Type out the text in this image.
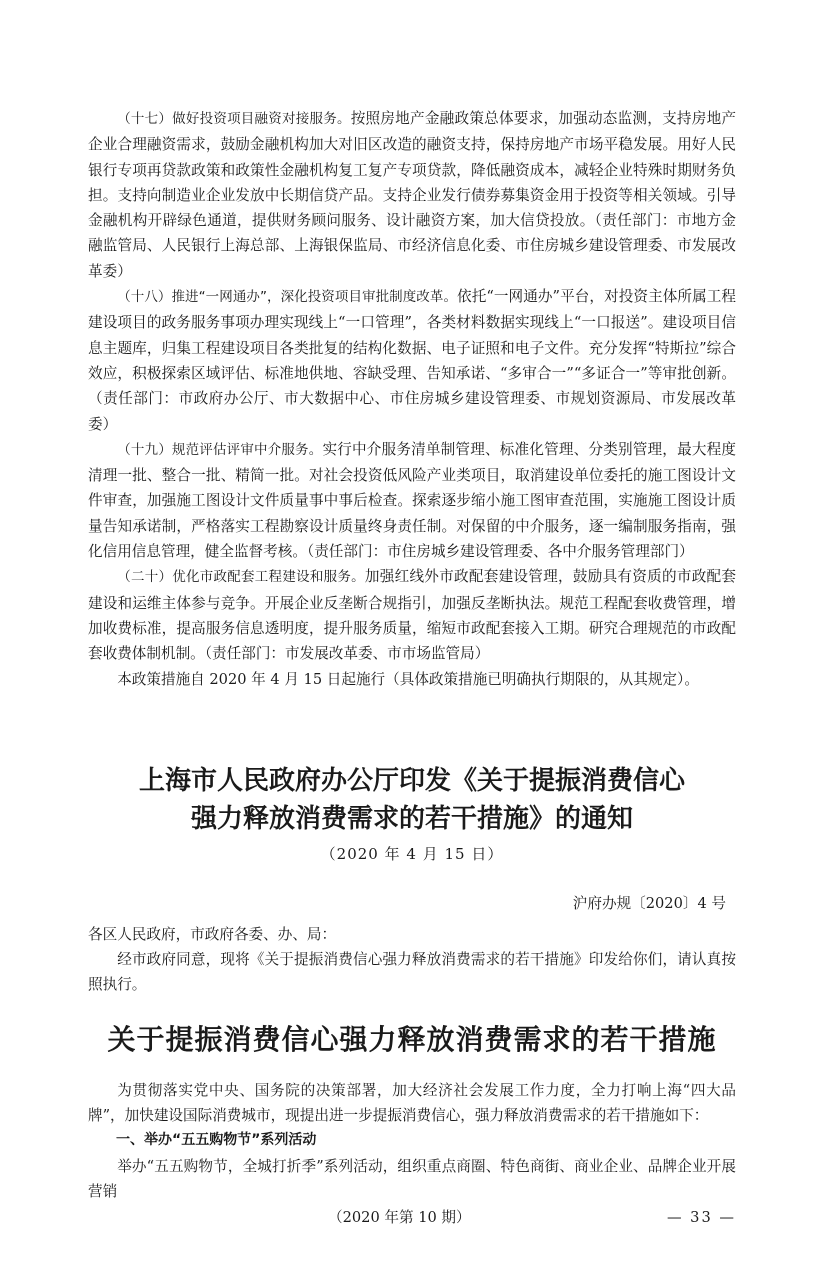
（十七）做好投资项目融资对接服务。按照房地产金融政策总体要求，加强动态监测，支持房地产企业合理融资需求，鼓励金融机构加大对旧区改造的融资支持，保持房地产市场平稳发展。用好人民银行专项再贷款政策和政策性金融机构复工复产专项贷款，降低融资成本，减轻企业特殊时期财务负担。支持向制造业企业发放中长期信贷产品。支持企业发行债券募集资金用于投资等相关领域。引导金融机构开辟绿色通道，提供财务顾问服务、设计融资方案，加大信贷投放。（责任部门：市地方金融监管局、人民银行上海总部、上海银保监局、市经济信息化委、市住房城乡建设管理委、市发展改革委）

（十八）推进“一网通办”，深化投资项目审批制度改革。依托“一网通办”平台，对投资主体所属工程建设项目的政务服务事项办理实现线上“一口管理”，各类材料数据实现线上“一口报送”。建设项目信息主题库，归集工程建设项目各类批复的结构化数据、电子证照和电子文件。充分发挥“特斯拉”综合效应，积极探索区域评估、标准地供地、容缺受理、告知承诺、“多审合一”“多证合一”等审批创新。（责任部门：市政府办公厅、市大数据中心、市住房城乡建设管理委、市规划资源局、市发展改革委）

（十九）规范评估评审中介服务。实行中介服务清单制管理、标准化管理、分类别管理，最大程度清理一批、整合一批、精简一批。对社会投资低风险产业类项目，取消建设单位委托的施工图设计文件审查，加强施工图设计文件质量事中事后检查。探索逐步缩小施工图审查范围，实施施工图设计质量告知承诺制，严格落实工程勘察设计质量终身责任制。对保留的中介服务，逐一编制服务指南，强化信用信息管理，健全监督考核。（责任部门：市住房城乡建设管理委、各中介服务管理部门）

（二十）优化市政配套工程建设和服务。加强红线外市政配套建设管理，鼓励具有资质的市政配套建设和运维主体参与竞争。开展企业反垄断合规指引，加强反垄断执法。规范工程配套收费管理，增加收费标准，提高服务信息透明度，提升服务质量，缩短市政配套接入工期。研究合理规范的市政配套收费体制机制。（责任部门：市发展改革委、市市场监管局）

本政策措施自 2020 年 4 月 15 日起施行（具体政策措施已明确执行期限的，从其规定）。

上海市人民政府办公厅印发《关于提振消费信心
强力释放消费需求的若干措施》的通知
（2020 年 4 月 15 日）
沪府办规〔2020〕4 号

各区人民政府，市政府各委、办、局：

经市政府同意，现将《关于提振消费信心强力释放消费需求的若干措施》印发给你们，请认真按照执行。

关于提振消费信心强力释放消费需求的若干措施

为贯彻落实党中央、国务院的决策部署，加大经济社会发展工作力度，全力打响上海“四大品牌”，加快建设国际消费城市，现提出进一步提振消费信心，强力释放消费需求的若干措施如下：

一、举办“五五购物节”系列活动

举办“五五购物节，全城打折季”系列活动，组织重点商圈、特色商街、商业企业、品牌企业开展营销

（2020 年第 10 期）	— 33 —
